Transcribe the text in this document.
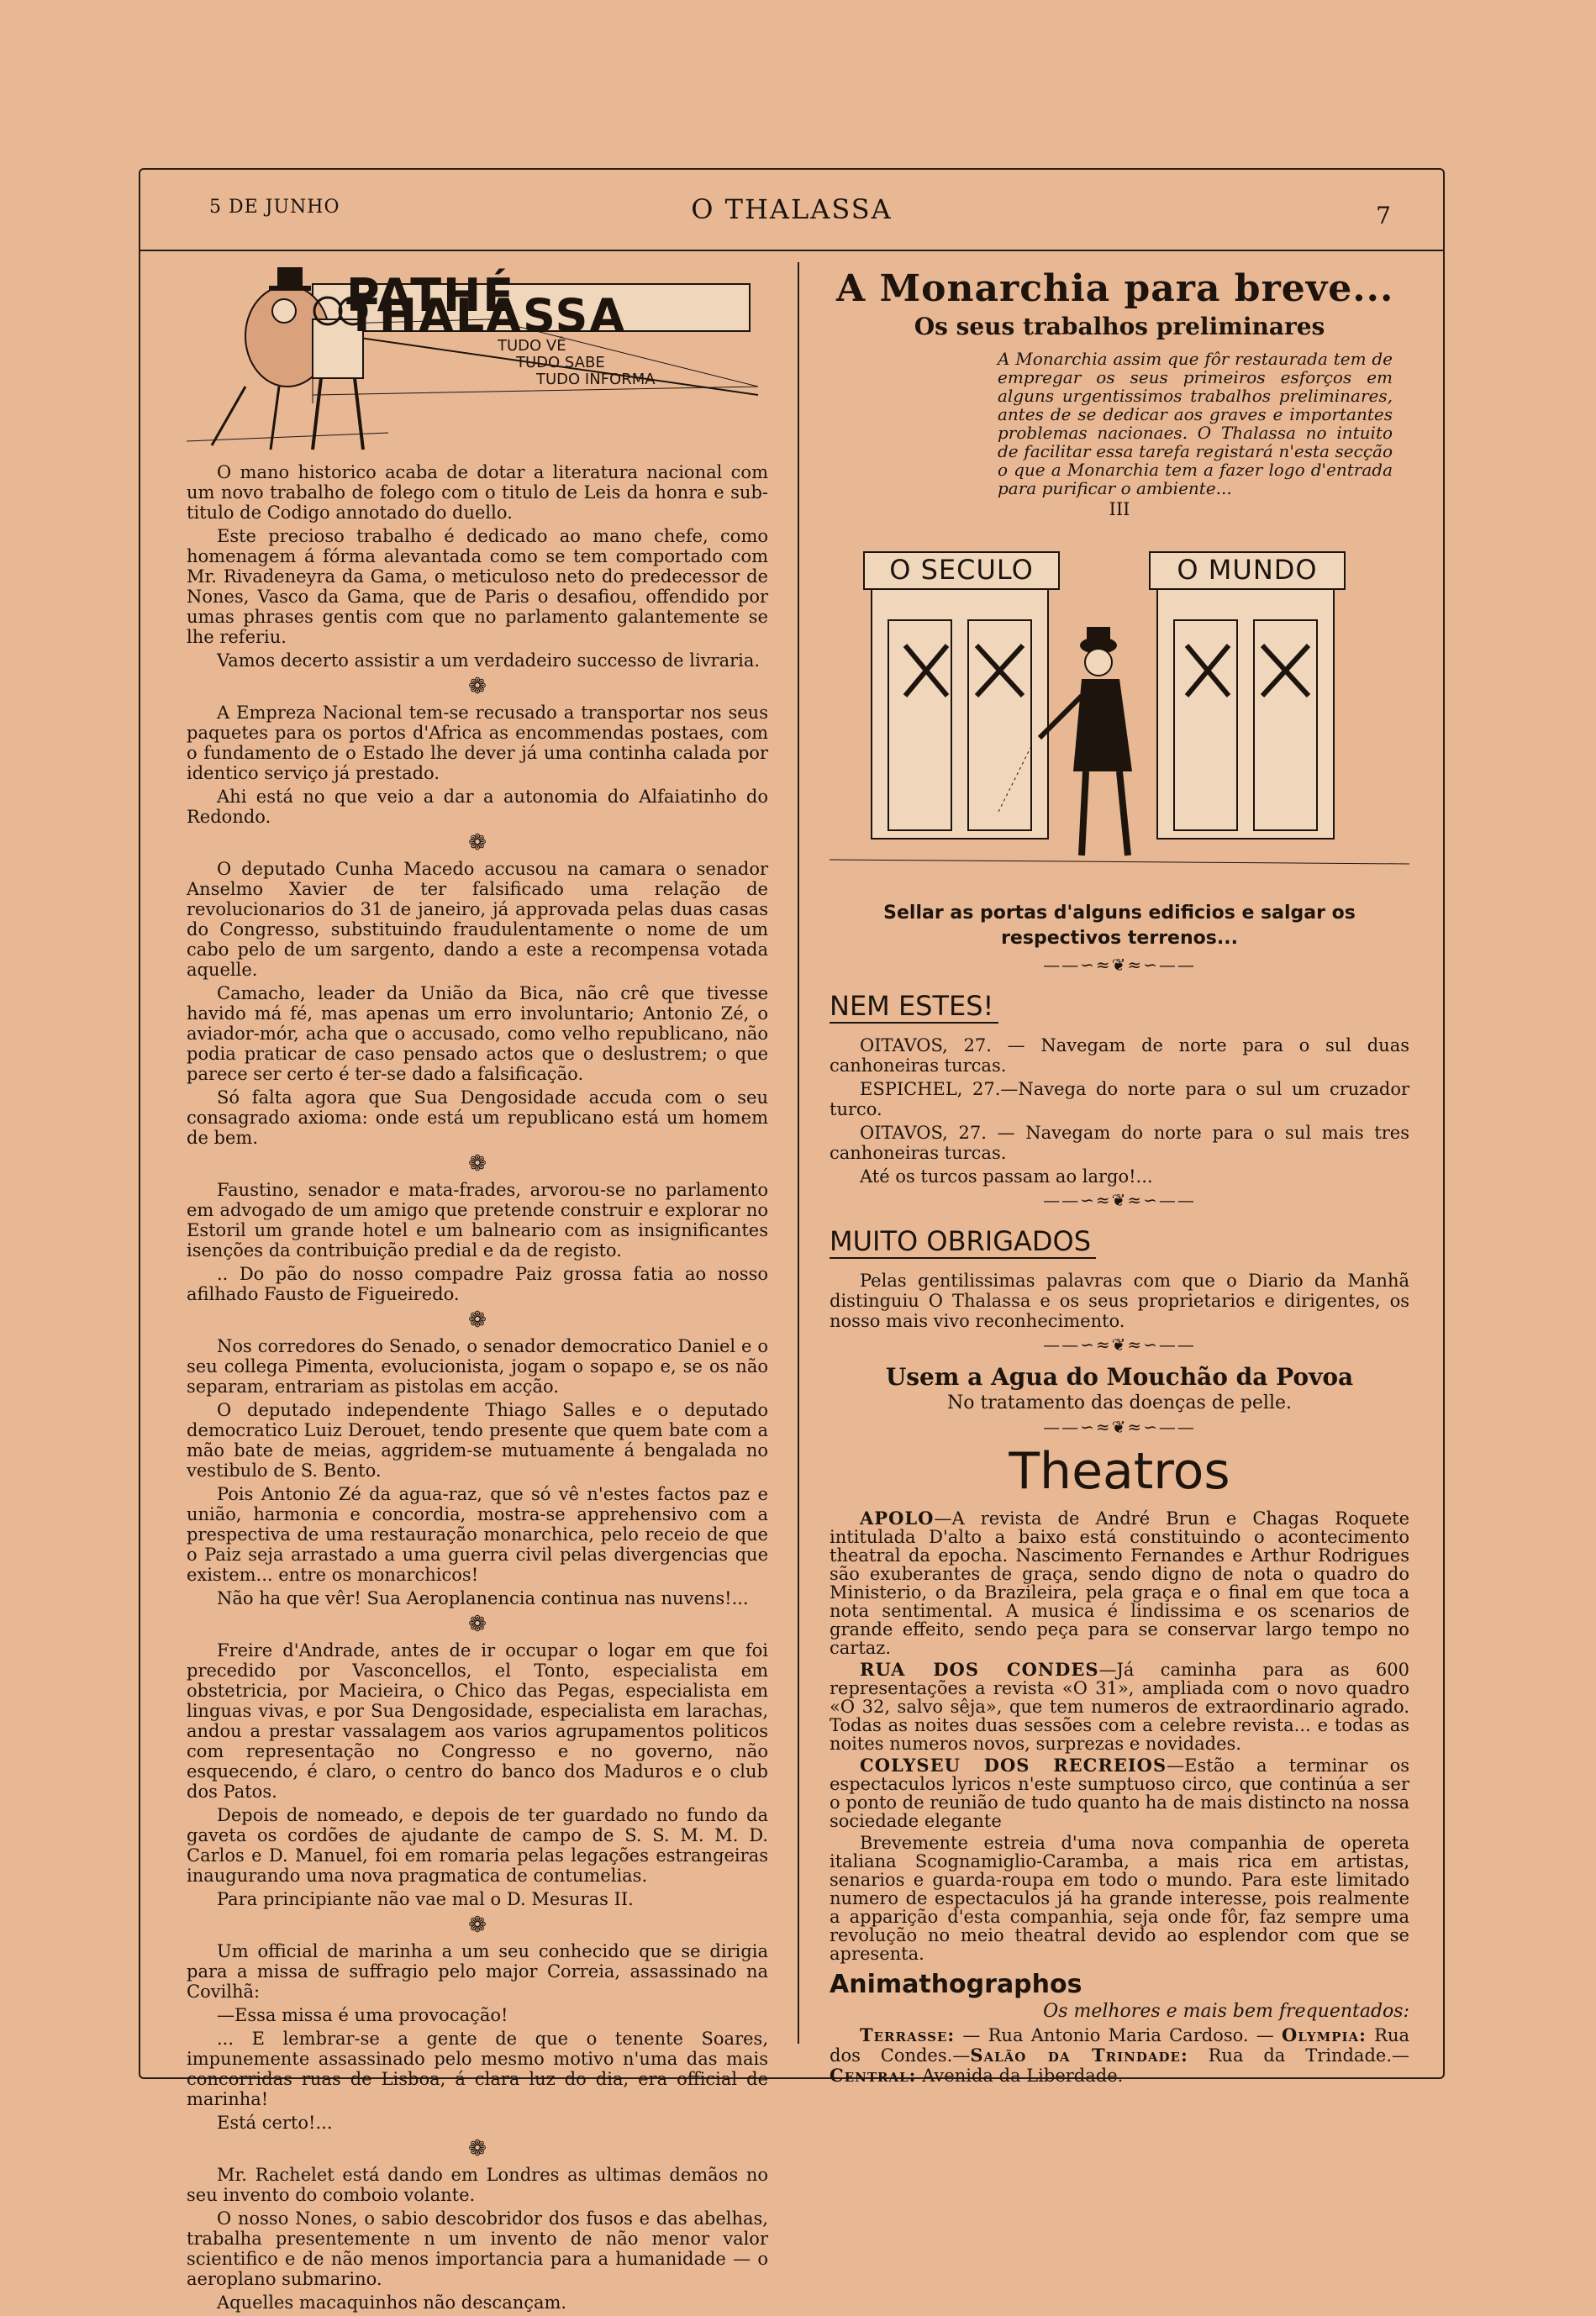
5 DE JUNHO	O THALASSA	7
PATHÉ THALASSA
TUDO VÊ
TUDO SABE
TUDO INFORMA

O mano historico acaba de dotar a literatura nacional com um novo trabalho de folego com o titulo de Leis da honra e sub-titulo de Codigo annotado do duello.

Este precioso trabalho é dedicado ao mano chefe, como homenagem á fórma alevantada como se tem comportado com Mr. Rivadeneyra da Gama, o meticuloso neto do predecessor de Nones, Vasco da Gama, que de Paris o desafiou, offendido por umas phrases gentis com que no parlamento galantemente se lhe referiu.

Vamos decerto assistir a um verdadeiro successo de livraria.

❁

A Empreza Nacional tem-se recusado a transportar nos seus paquetes para os portos d'Africa as encommendas postaes, com o fundamento de o Estado lhe dever já uma continha calada por identico serviço já prestado.

Ahi está no que veio a dar a autonomia do Alfaiatinho do Redondo.

❁

O deputado Cunha Macedo accusou na camara o senador Anselmo Xavier de ter falsificado uma relação de revolucionarios do 31 de janeiro, já approvada pelas duas casas do Congresso, substituindo fraudulentamente o nome de um cabo pelo de um sargento, dando a este a recompensa votada aquelle.

Camacho, leader da União da Bica, não crê que tivesse havido má fé, mas apenas um erro involuntario; Antonio Zé, o aviador-mór, acha que o accusado, como velho republicano, não podia praticar de caso pensado actos que o deslustrem; o que parece ser certo é ter-se dado a falsificação.

Só falta agora que Sua Dengosidade accuda com o seu consagrado axioma: onde está um republicano está um homem de bem.

❁

Faustino, senador e mata-frades, arvorou-se no parlamento em advogado de um amigo que pretende construir e explorar no Estoril um grande hotel e um balneario com as insignificantes isenções da contribuição predial e da de registo.

.. Do pão do nosso compadre Paiz grossa fatia ao nosso afilhado Fausto de Figueiredo.

❁

Nos corredores do Senado, o senador democratico Daniel e o seu collega Pimenta, evolucionista, jogam o sopapo e, se os não separam, entrariam as pistolas em acção.

O deputado independente Thiago Salles e o deputado democratico Luiz Derouet, tendo presente que quem bate com a mão bate de meias, aggridem-se mutuamente á bengalada no vestibulo de S. Bento.

Pois Antonio Zé da agua-raz, que só vê n'estes factos paz e união, harmonia e concordia, mostra-se apprehensivo com a prespectiva de uma restauração monarchica, pelo receio de que o Paiz seja arrastado a uma guerra civil pelas divergencias que existem... entre os monarchicos!

Não ha que vêr! Sua Aeroplanencia continua nas nuvens!...

❁

Freire d'Andrade, antes de ir occupar o logar em que foi precedido por Vasconcellos, el Tonto, especialista em obstetricia, por Macieira, o Chico das Pegas, especialista em linguas vivas, e por Sua Dengosidade, especialista em larachas, andou a prestar vassalagem aos varios agrupamentos politicos com representação no Congresso e no governo, não esquecendo, é claro, o centro do banco dos Maduros e o club dos Patos.

Depois de nomeado, e depois de ter guardado no fundo da gaveta os cordões de ajudante de campo de S. S. M. M. D. Carlos e D. Manuel, foi em romaria pelas legações estrangeiras inaugurando uma nova pragmatica de contumelias.

Para principiante não vae mal o D. Mesuras II.

❁

Um official de marinha a um seu conhecido que se dirigia para a missa de suffragio pelo major Correia, assassinado na Covilhã:

—Essa missa é uma provocação!

... E lembrar-se a gente de que o tenente Soares, impunemente assassinado pelo mesmo motivo n'uma das mais concorridas ruas de Lisboa, á clara luz do dia, era official de marinha!

Está certo!...

❁

Mr. Rachelet está dando em Londres as ultimas demãos no seu invento do comboio volante.

O nosso Nones, o sabio descobridor dos fusos e das abelhas, trabalha presentemente n um invento de não menor valor scientifico e de não menos importancia para a humanidade — o aeroplano submarino.

Aquelles macaquinhos não descançam.

A Monarchia para breve...
Os seus trabalhos preliminares
A Monarchia assim que fôr restaurada tem de empregar os seus primeiros esforços em alguns urgentissimos trabalhos preliminares, antes de se dedicar aos graves e importantes problemas nacionaes. O Thalassa no intuito de facilitar essa tarefa registará n'esta secção o que a Monarchia tem a fazer logo d'entrada para purificar o ambiente...
III
O SECULO	O MUNDO
Sellar as portas d'alguns edificios e salgar os respectivos terrenos...
——∽≈❦≈∽——
NEM ESTES!

OITAVOS, 27. — Navegam de norte para o sul duas canhoneiras turcas.

ESPICHEL, 27.—Navega do norte para o sul um cruzador turco.

OITAVOS, 27. — Navegam do norte para o sul mais tres canhoneiras turcas.

Até os turcos passam ao largo!...

——∽≈❦≈∽——
MUITO OBRIGADOS

Pelas gentilissimas palavras com que o Diario da Manhã distinguiu O Thalassa e os seus proprietarios e dirigentes, os nosso mais vivo reconhecimento.

——∽≈❦≈∽——
Usem a Agua do Mouchão da Povoa
No tratamento das doenças de pelle.
——∽≈❦≈∽——
Theatros

APOLO—A revista de André Brun e Chagas Roquete intitulada D'alto a baixo está constituindo o acontecimento theatral da epocha. Nascimento Fernandes e Arthur Rodrigues são exuberantes de graça, sendo digno de nota o quadro do Ministerio, o da Brazileira, pela graça e o final em que toca a nota sentimental. A musica é lindissima e os scenarios de grande effeito, sendo peça para se conservar largo tempo no cartaz.

RUA DOS CONDES—Já caminha para as 600 representações a revista «O 31», ampliada com o novo quadro «O 32, salvo sêja», que tem numeros de extraordinario agrado. Todas as noites duas sessões com a celebre revista... e todas as noites numeros novos, surprezas e novidades.

COLYSEU DOS RECREIOS—Estão a terminar os espectaculos lyricos n'este sumptuoso circo, que continúa a ser o ponto de reunião de tudo quanto ha de mais distincto na nossa sociedade elegante

Brevemente estreia d'uma nova companhia de opereta italiana Scognamiglio-Caramba, a mais rica em artistas, senarios e guarda-roupa em todo o mundo. Para este limitado numero de espectaculos já ha grande interesse, pois realmente a apparição d'esta companhia, seja onde fôr, faz sempre uma revolução no meio theatral devido ao esplendor com que se apresenta.

Animathographos
Os melhores e mais bem frequentados:

Terrasse: — Rua Antonio Maria Cardoso. — Olympia: Rua dos Condes.—Salão da Trindade: Rua da Trindade.—Central: Avenida da Liberdade.
